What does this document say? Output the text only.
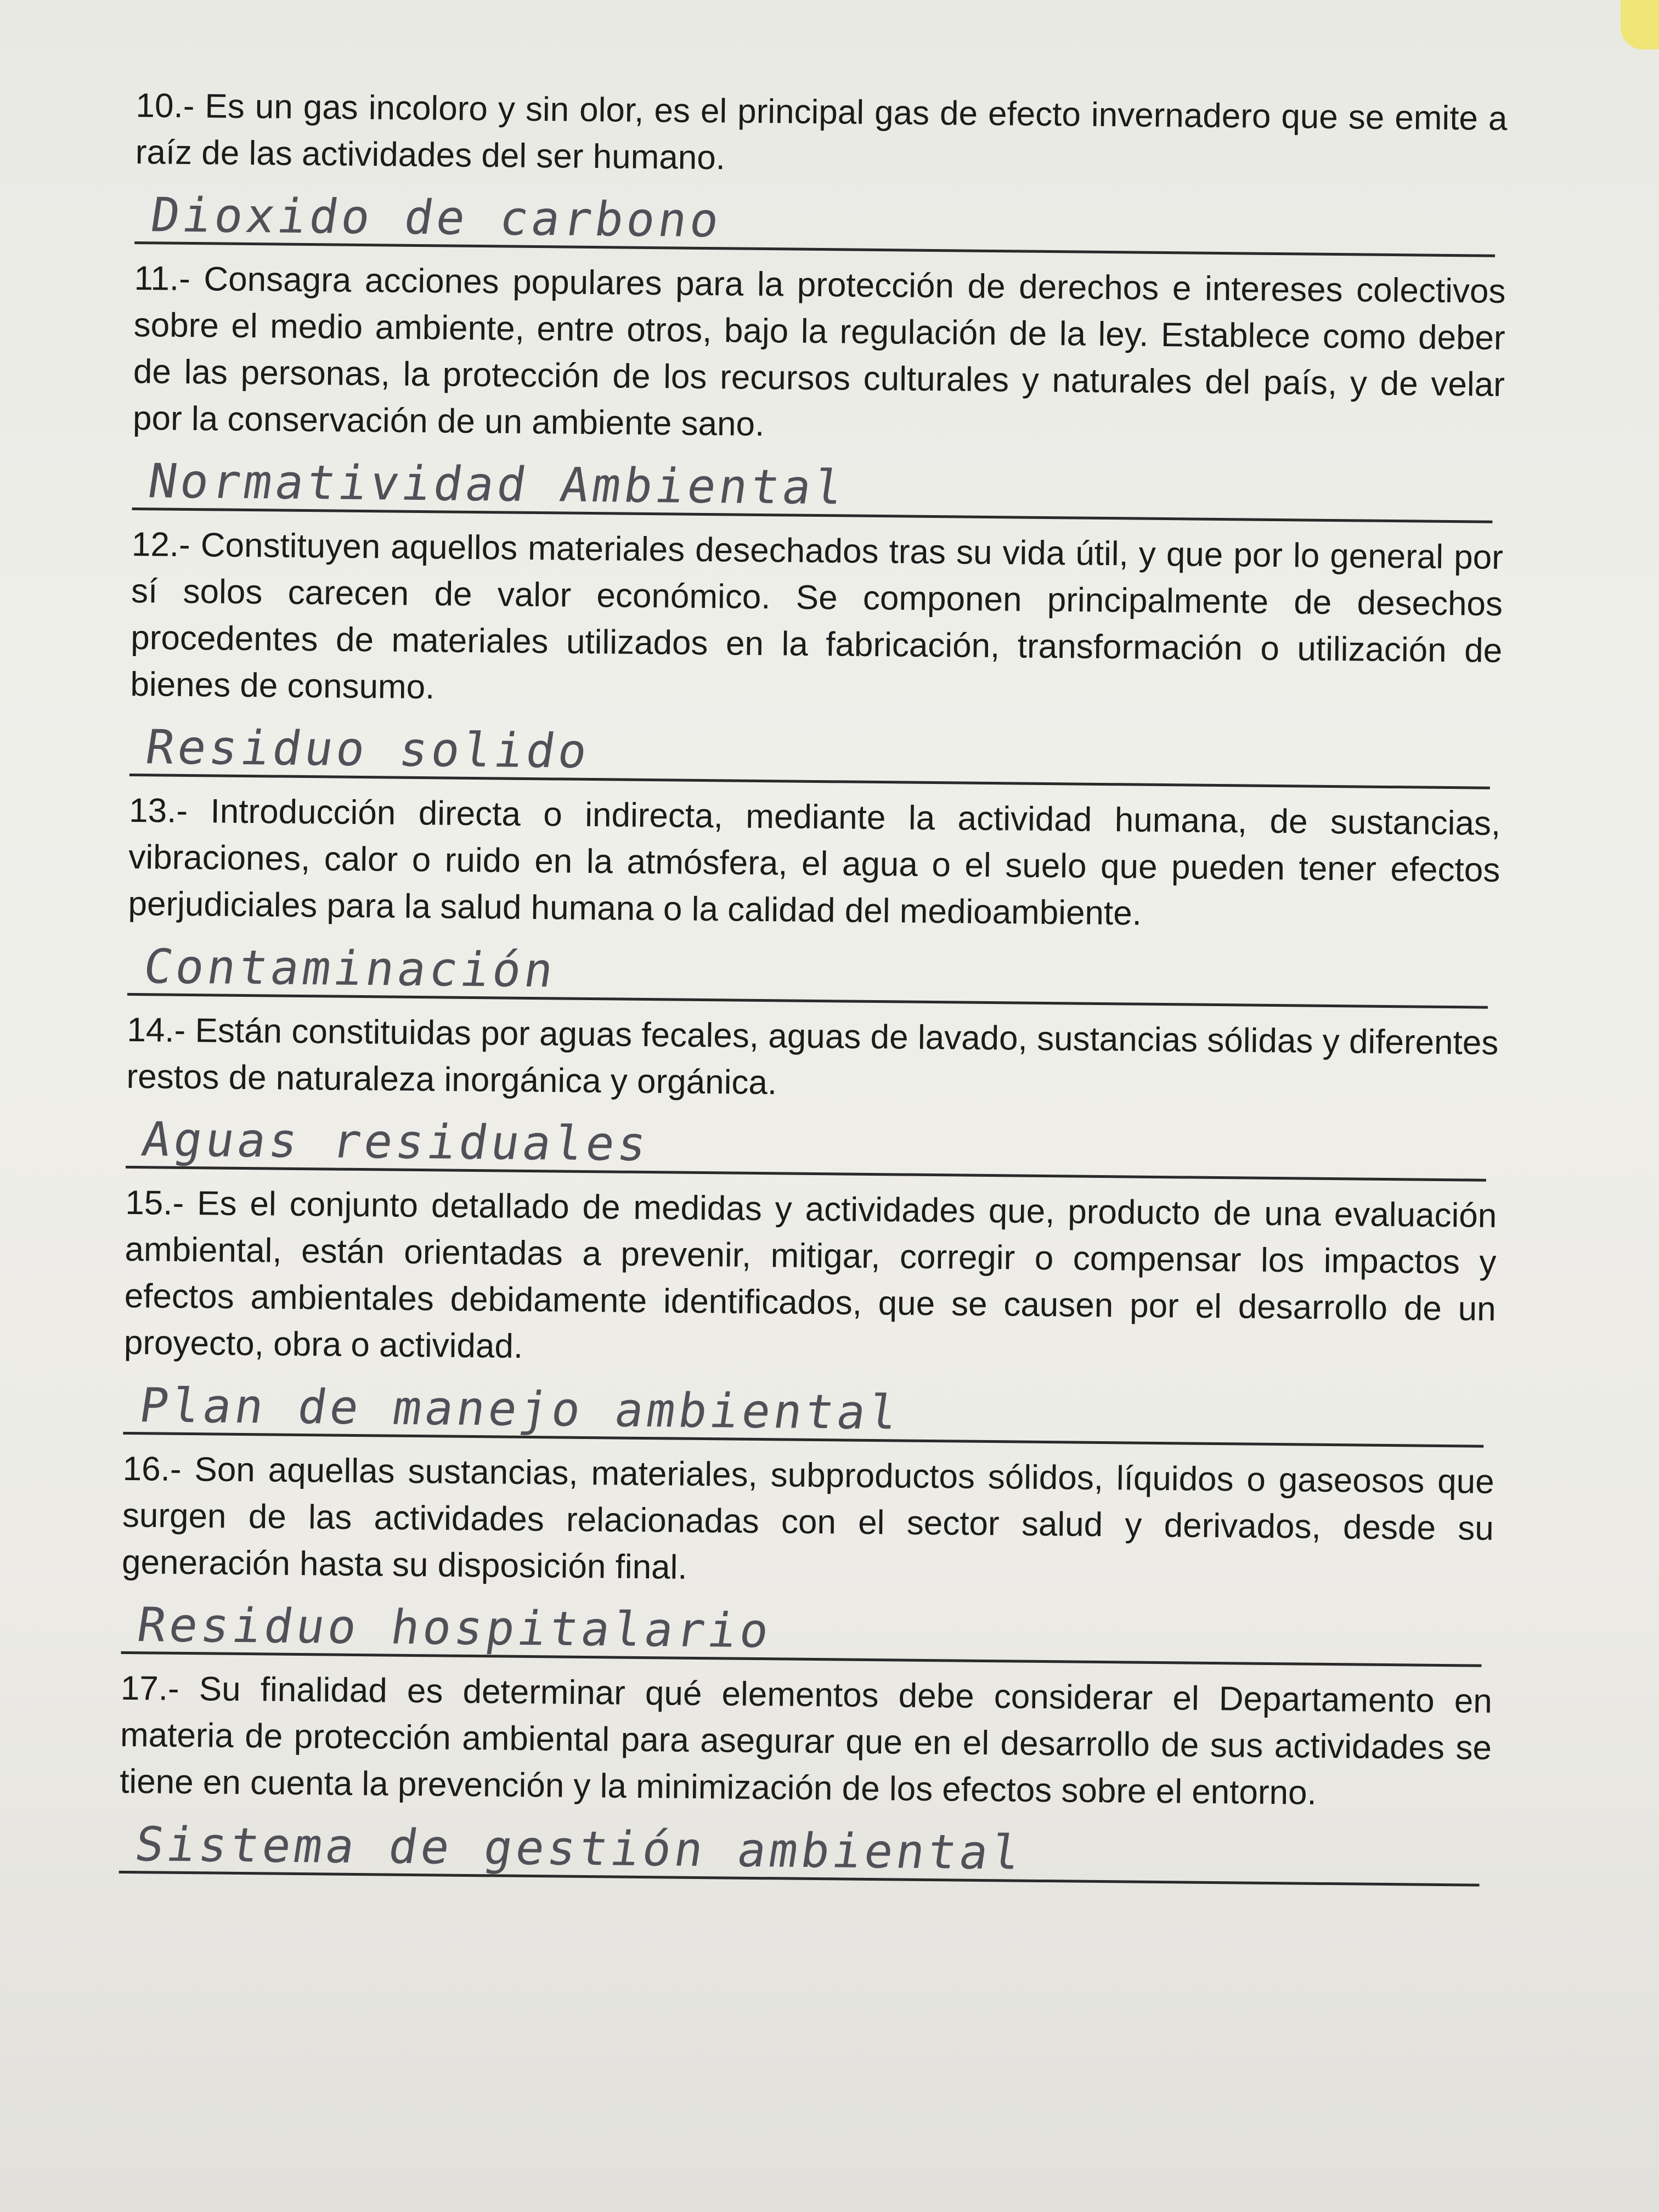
10.- Es un gas incoloro y sin olor, es el principal gas de efecto invernadero que se emite a raíz de las actividades del ser humano.

Dioxido de carbono

11.- Consagra acciones populares para la protección de derechos e intereses colectivos sobre el medio ambiente, entre otros, bajo la regulación de la ley. Establece como deber de las personas, la protección de los recursos culturales y naturales del país, y de velar por la conservación de un ambiente sano.

Normatividad Ambiental

12.- Constituyen aquellos materiales desechados tras su vida útil, y que por lo general por sí solos carecen de valor económico. Se componen principalmente de desechos procedentes de materiales utilizados en la fabricación, transformación o utilización de bienes de consumo.

Residuo solido

13.- Introducción directa o indirecta, mediante la actividad humana, de sustancias, vibraciones, calor o ruido en la atmósfera, el agua o el suelo que pueden tener efectos perjudiciales para la salud humana o la calidad del medioambiente.

Contaminación

14.- Están constituidas por aguas fecales, aguas de lavado, sustancias sólidas y diferentes restos de naturaleza inorgánica y orgánica.

Aguas residuales

15.- Es el conjunto detallado de medidas y actividades que, producto de una evaluación ambiental, están orientadas a prevenir, mitigar, corregir o compensar los impactos y efectos ambientales debidamente identificados, que se causen por el desarrollo de un proyecto, obra o actividad.

Plan de manejo ambiental

16.- Son aquellas sustancias, materiales, subproductos sólidos, líquidos o gaseosos que surgen de las actividades relacionadas con el sector salud y derivados, desde su generación hasta su disposición final.

Residuo hospitalario

17.- Su finalidad es determinar qué elementos debe considerar el Departamento en materia de protección ambiental para asegurar que en el desarrollo de sus actividades se tiene en cuenta la prevención y la minimización de los efectos sobre el entorno.

Sistema de gestión ambiental
